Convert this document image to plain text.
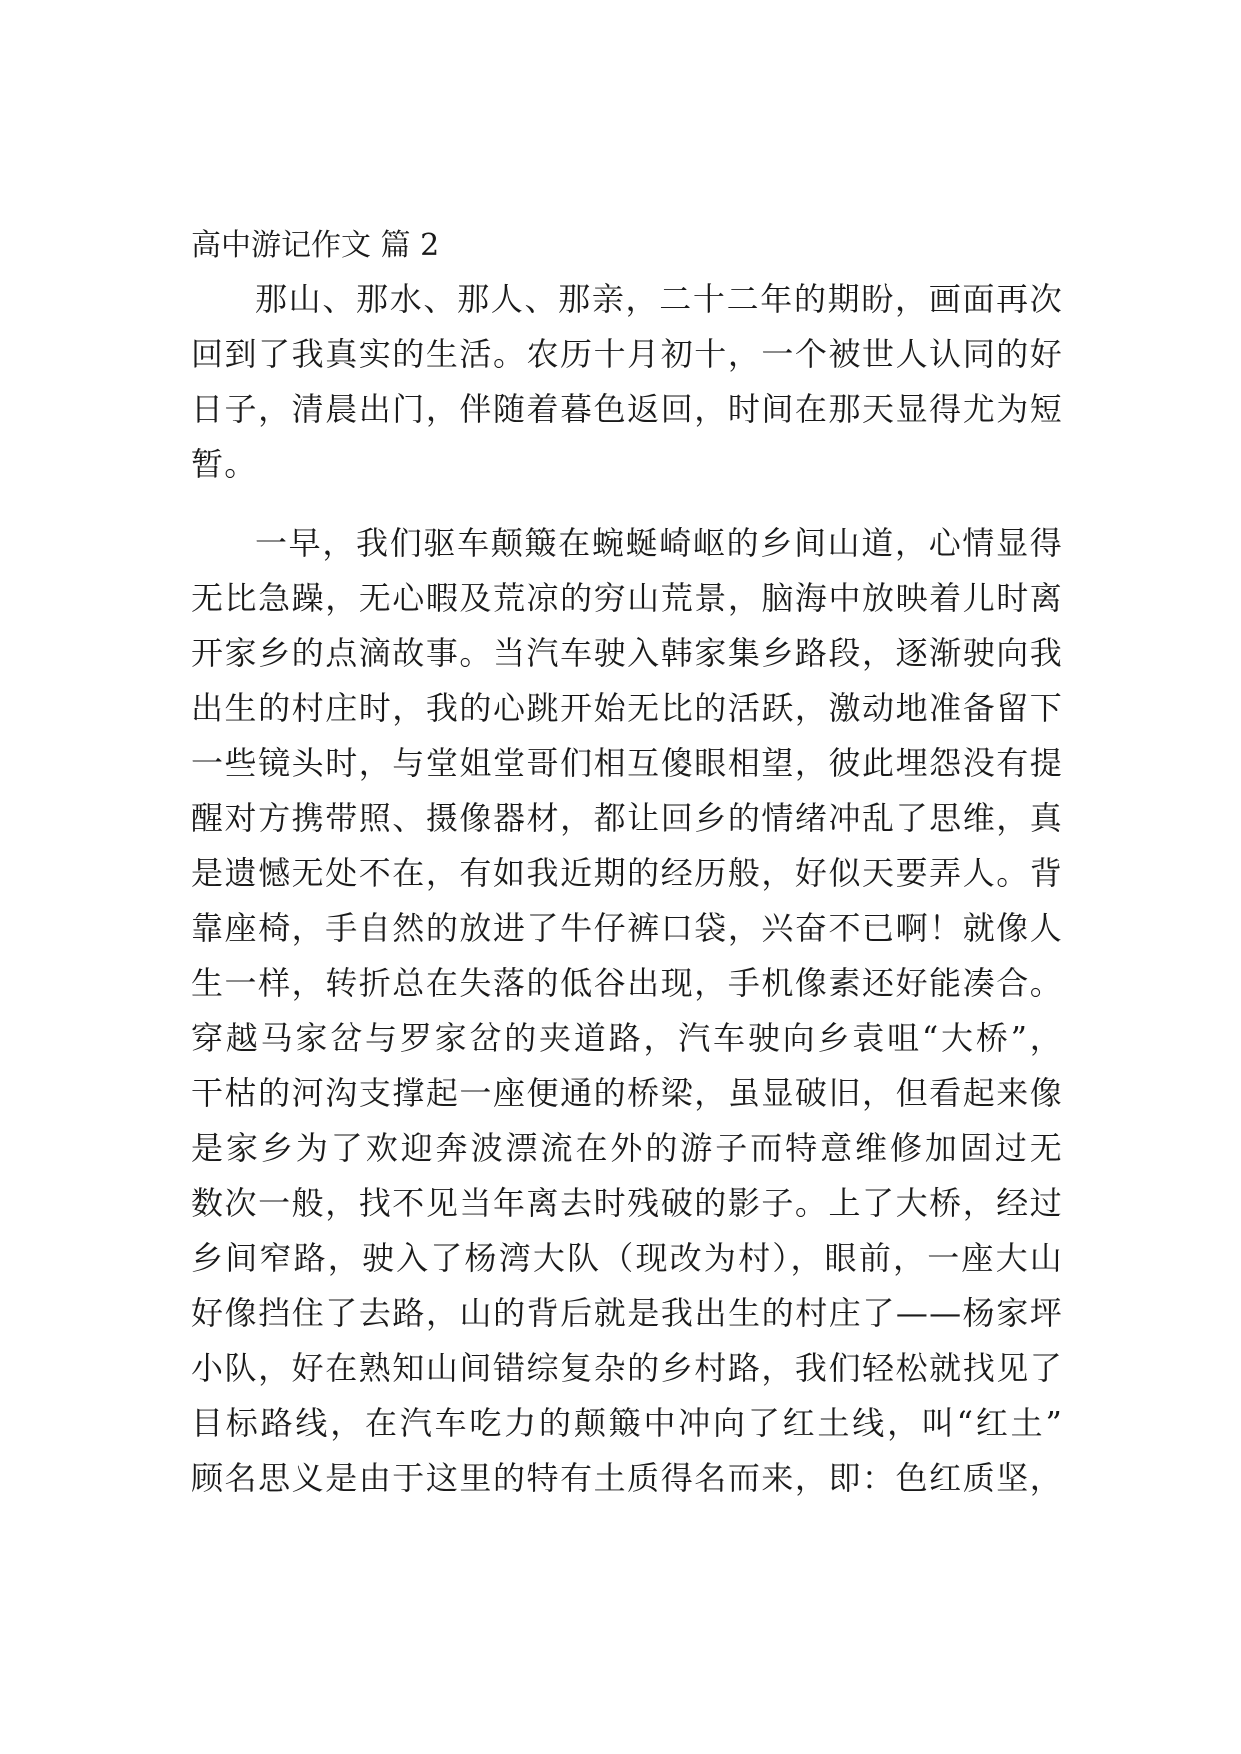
高中游记作文 篇 2
那山、那水、那人、那亲，二十二年的期盼，画面再次
回到了我真实的生活。农历十月初十，一个被世人认同的好
日子，清晨出门，伴随着暮色返回，时间在那天显得尤为短
暂。
一早，我们驱车颠簸在蜿蜒崎岖的乡间山道，心情显得
无比急躁，无心暇及荒凉的穷山荒景，脑海中放映着儿时离
开家乡的点滴故事。当汽车驶入韩家集乡路段，逐渐驶向我
出生的村庄时，我的心跳开始无比的活跃，激动地准备留下
一些镜头时，与堂姐堂哥们相互傻眼相望，彼此埋怨没有提
醒对方携带照、摄像器材，都让回乡的情绪冲乱了思维，真
是遗憾无处不在，有如我近期的经历般，好似天要弄人。背
靠座椅，手自然的放进了牛仔裤口袋，兴奋不已啊！就像人
生一样，转折总在失落的低谷出现，手机像素还好能凑合。
穿越马家岔与罗家岔的夹道路，汽车驶向乡袁咀“大桥”，
干枯的河沟支撑起一座便通的桥梁，虽显破旧，但看起来像
是家乡为了欢迎奔波漂流在外的游子而特意维修加固过无
数次一般，找不见当年离去时残破的影子。上了大桥，经过
乡间窄路，驶入了杨湾大队（现改为村），眼前，一座大山
好像挡住了去路，山的背后就是我出生的村庄了——杨家坪
小队，好在熟知山间错综复杂的乡村路，我们轻松就找见了
目标路线，在汽车吃力的颠簸中冲向了红土线，叫“红土”
顾名思义是由于这里的特有土质得名而来，即：色红质坚，
